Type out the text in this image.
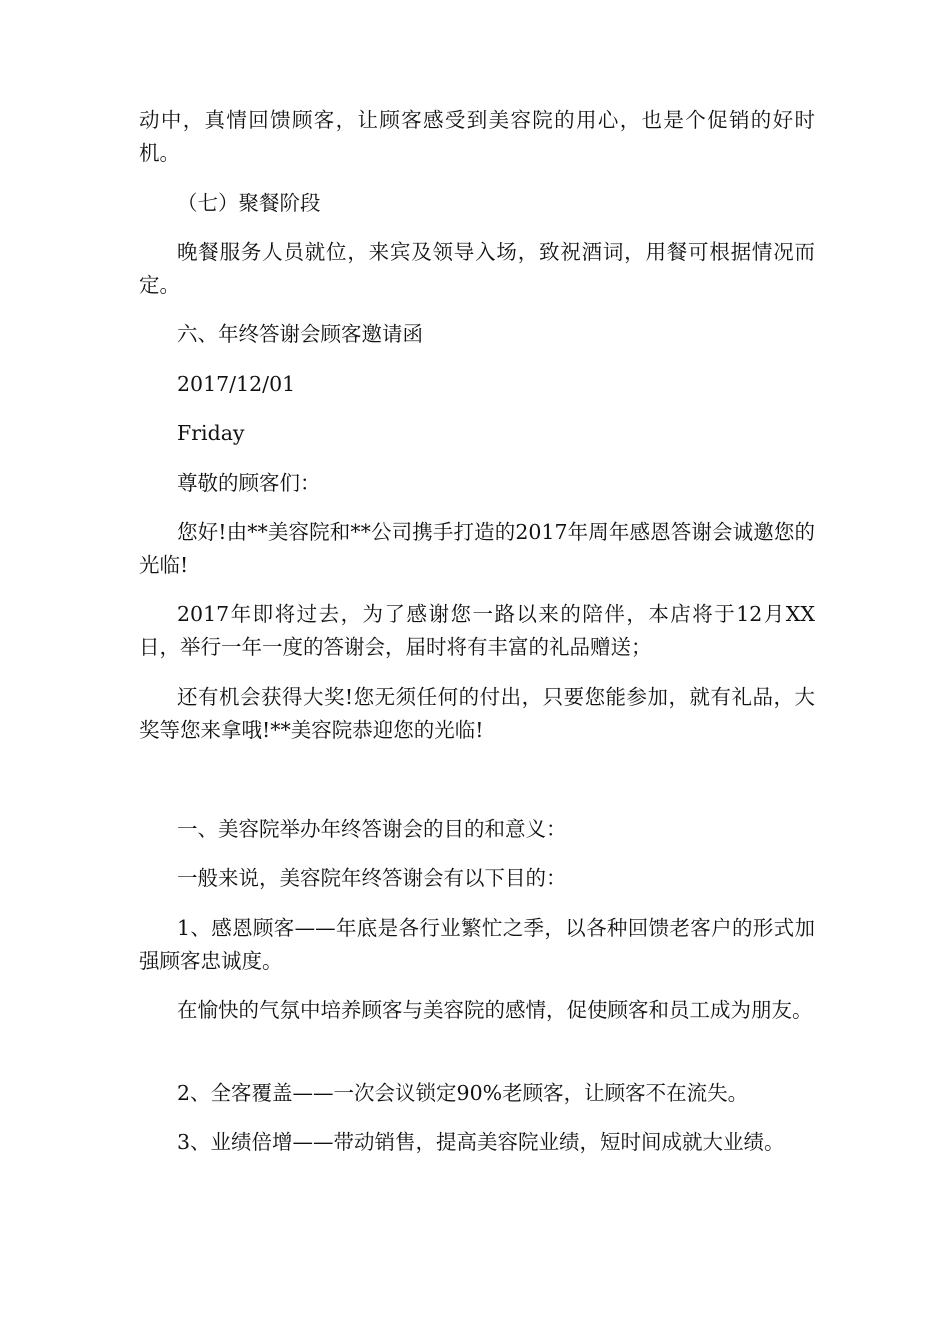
动中，真情回馈顾客，让顾客感受到美容院的用心，也是个促销的好时机。

（七）聚餐阶段

晚餐服务人员就位，来宾及领导入场，致祝酒词，用餐可根据情况而定。

六、年终答谢会顾客邀请函

2017/12/01

Friday

尊敬的顾客们：

您好!由**美容院和**公司携手打造的2017年周年感恩答谢会诚邀您的光临!

2017年即将过去，为了感谢您一路以来的陪伴，本店将于12月XX日，举行一年一度的答谢会，届时将有丰富的礼品赠送；

还有机会获得大奖!您无须任何的付出，只要您能参加，就有礼品，大奖等您来拿哦!**美容院恭迎您的光临!

一、美容院举办年终答谢会的目的和意义：

一般来说，美容院年终答谢会有以下目的：

1、感恩顾客——年底是各行业繁忙之季，以各种回馈老客户的形式加强顾客忠诚度。

在愉快的气氛中培养顾客与美容院的感情，促使顾客和员工成为朋友。

2、全客覆盖——一次会议锁定90%老顾客，让顾客不在流失。

3、业绩倍增——带动销售，提高美容院业绩，短时间成就大业绩。
